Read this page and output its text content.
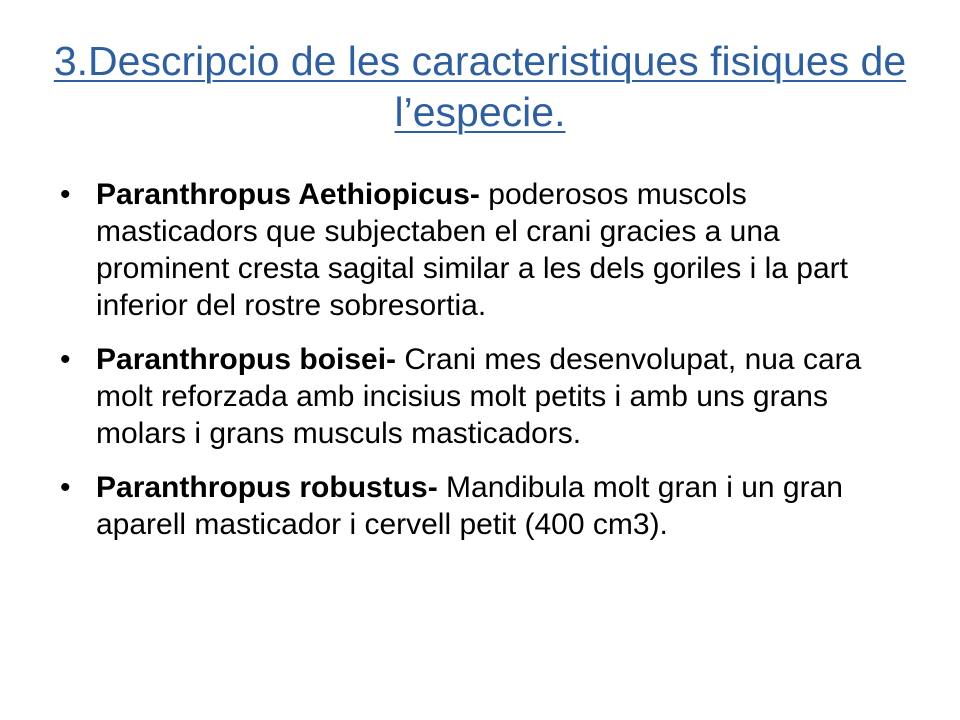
3.Descripcio de les caracteristiques fisiques de l’especie.
• Paranthropus Aethiopicus- poderosos muscols masticadors que subjectaben el crani gracies a una prominent cresta sagital similar a les dels goriles i la part inferior del rostre sobresortia.
• Paranthropus boisei- Crani mes desenvolupat, nua cara molt reforzada amb incisius molt petits i amb uns grans molars i grans musculs masticadors.
• Paranthropus robustus- Mandibula molt gran i un gran aparell masticador i cervell petit (400 cm3).
